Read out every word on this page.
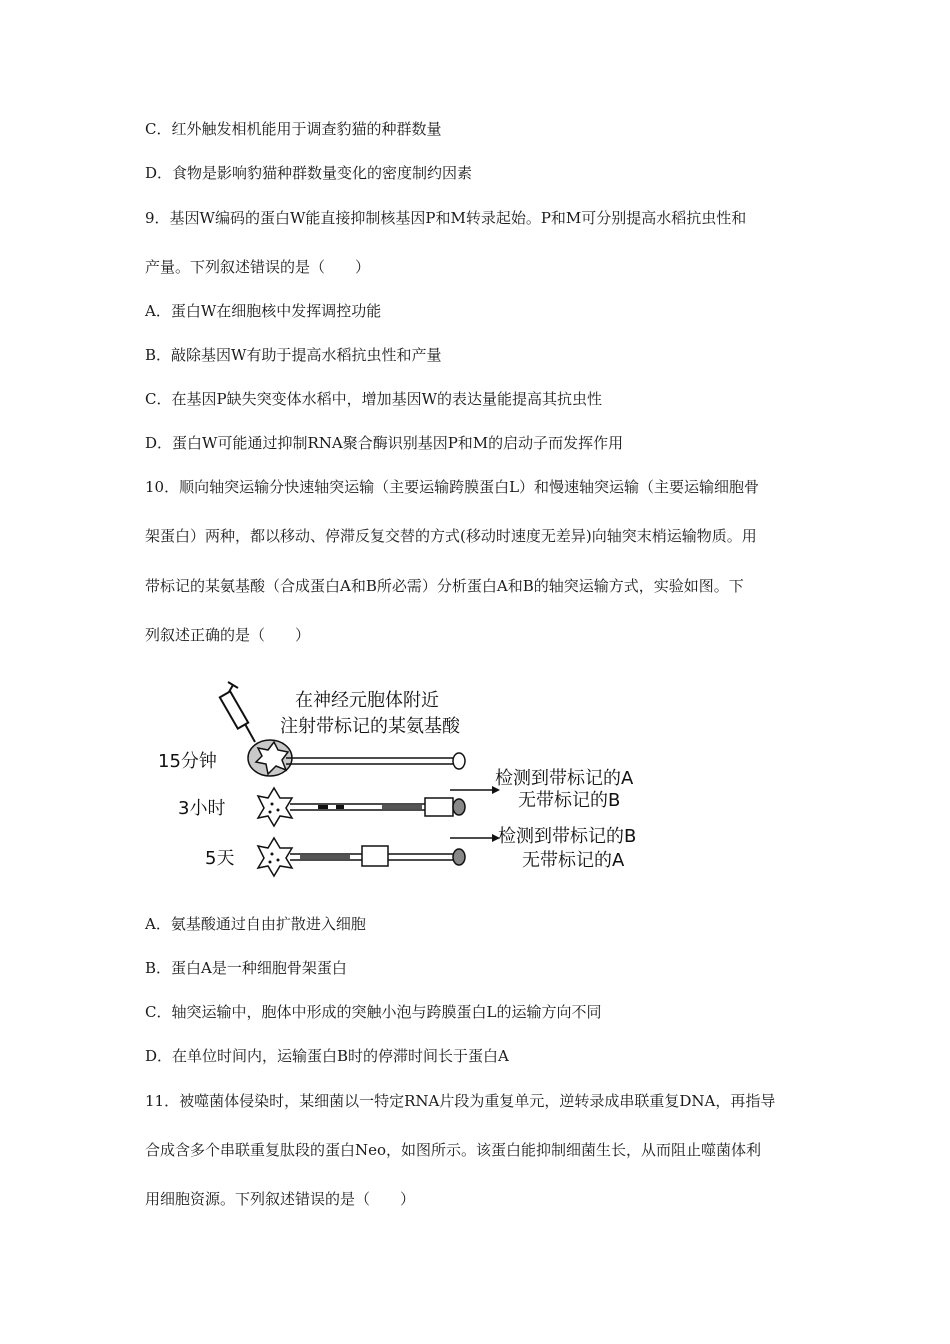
C．红外触发相机能用于调查豹猫的种群数量
D．食物是影响豹猫种群数量变化的密度制约因素
9．基因W编码的蛋白W能直接抑制核基因P和M转录起始。P和M可分别提高水稻抗虫性和
产量。下列叙述错误的是（　　）
A．蛋白W在细胞核中发挥调控功能
B．敲除基因W有助于提高水稻抗虫性和产量
C．在基因P缺失突变体水稻中，增加基因W的表达量能提高其抗虫性
D．蛋白W可能通过抑制RNA聚合酶识别基因P和M的启动子而发挥作用
10．顺向轴突运输分快速轴突运输（主要运输跨膜蛋白L）和慢速轴突运输（主要运输细胞骨
架蛋白）两种，都以移动、停滞反复交替的方式(移动时速度无差异)向轴突末梢运输物质。用
带标记的某氨基酸（合成蛋白A和B所必需）分析蛋白A和B的轴突运输方式，实验如图。下
列叙述正确的是（　　）
在神经元胞体附近
注射带标记的某氨基酸
15分钟
3小时
检测到带标记的A
无带标记的B
5天
检测到带标记的B
无带标记的A
A．氨基酸通过自由扩散进入细胞
B．蛋白A是一种细胞骨架蛋白
C．轴突运输中，胞体中形成的突触小泡与跨膜蛋白L的运输方向不同
D．在单位时间内，运输蛋白B时的停滞时间长于蛋白A
11．被噬菌体侵染时，某细菌以一特定RNA片段为重复单元，逆转录成串联重复DNA，再指导
合成含多个串联重复肽段的蛋白Neo，如图所示。该蛋白能抑制细菌生长，从而阻止噬菌体利
用细胞资源。下列叙述错误的是（　　）
